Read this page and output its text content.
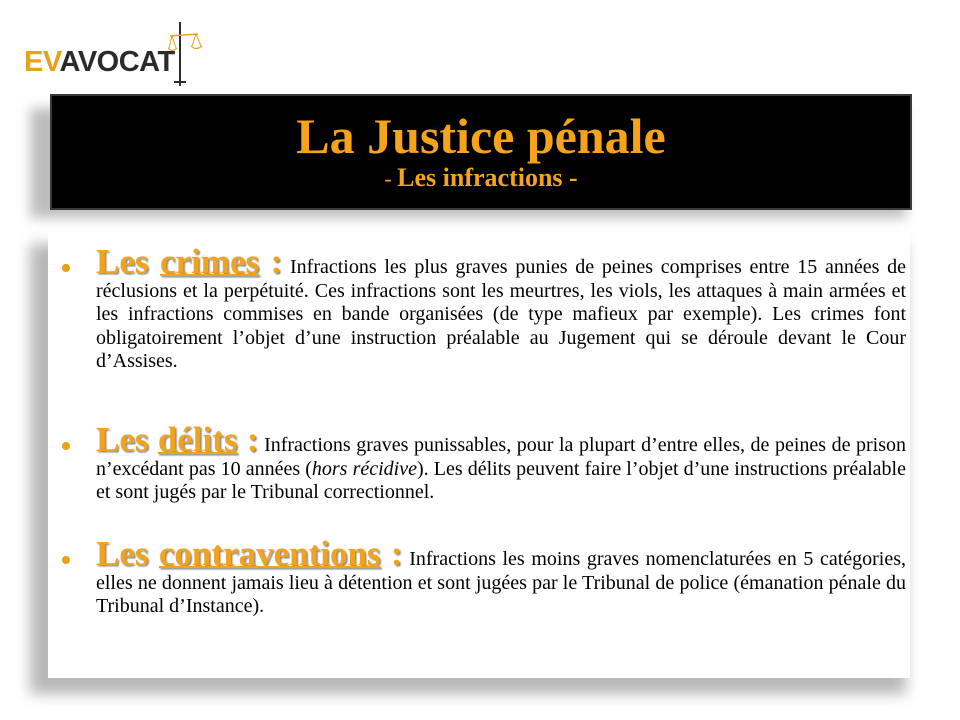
EVAVOCAT
La Justice pénale
- Les infractions -
• Les crimes : Infractions les plus graves punies de peines comprises entre 15 années de réclusions et la perpétuité. Ces infractions sont les meurtres, les viols, les attaques à main armées et les infractions commises en bande organisées (de type mafieux par exemple). Les crimes font obligatoirement l’objet d’une instruction préalable au Jugement qui se déroule devant le Cour d’Assises.
• Les délits : Infractions graves punissables, pour la plupart d’entre elles, de peines de prison n’excédant pas 10 années (hors récidive). Les délits peuvent faire l’objet d’une instructions préalable et sont jugés par le Tribunal correctionnel.
• Les contraventions : Infractions les moins graves nomenclaturées en 5 catégories, elles ne donnent jamais lieu à détention et sont jugées par le Tribunal de police (émanation pénale du Tribunal d’Instance).
